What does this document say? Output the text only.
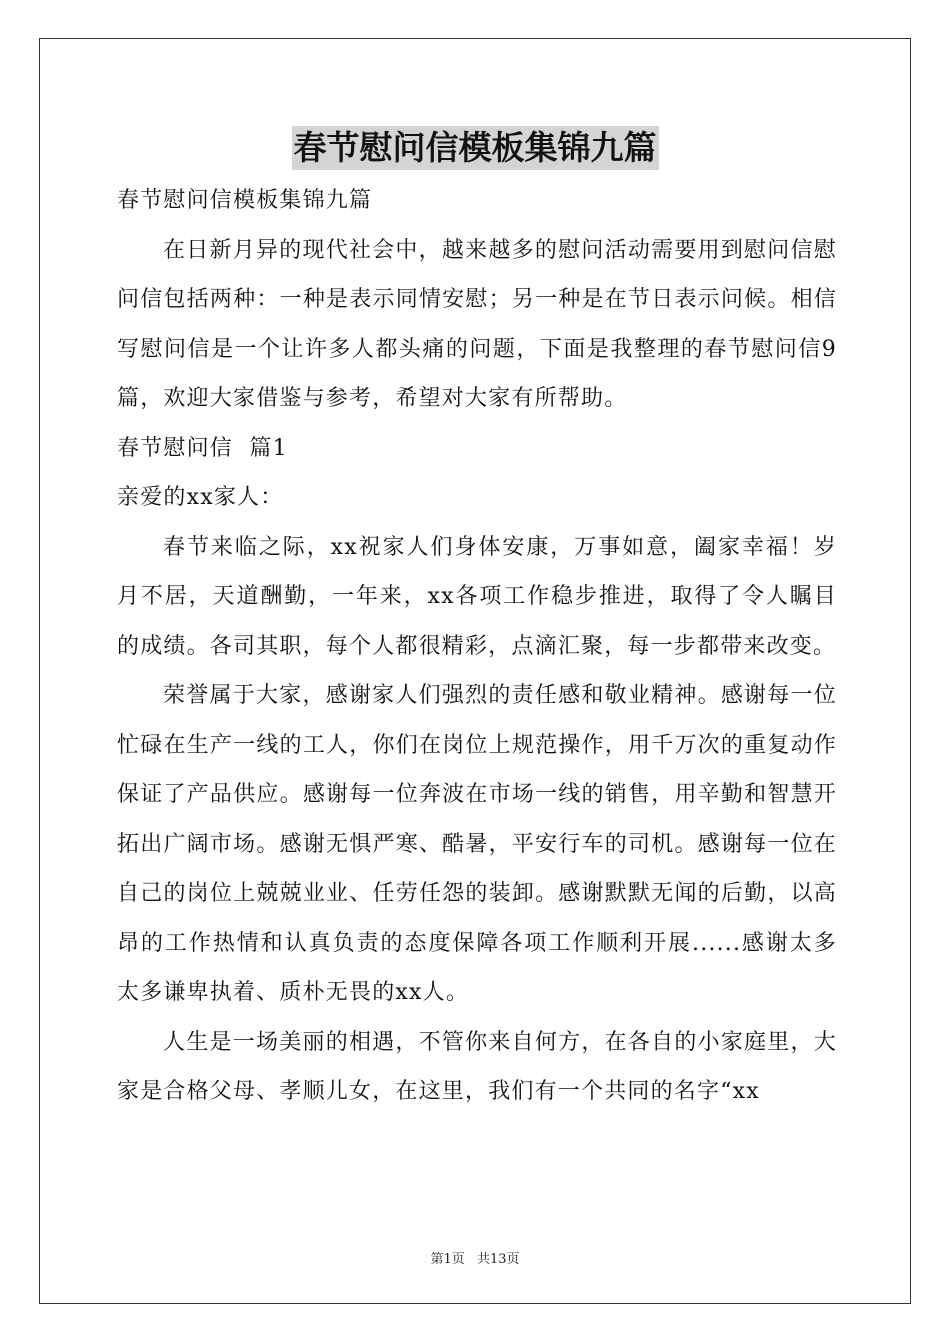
春节慰问信模板集锦九篇

春节慰问信模板集锦九篇

在日新月异的现代社会中，越来越多的慰问活动需要用到慰问信慰问信包括两种：一种是表示同情安慰；另一种是在节日表示问候。相信写慰问信是一个让许多人都头痛的问题，下面是我整理的春节慰问信9篇，欢迎大家借鉴与参考，希望对大家有所帮助。

春节慰问信  篇1

亲爱的xx家人：

春节来临之际，xx祝家人们身体安康，万事如意，阖家幸福！岁月不居，天道酬勤，一年来，xx各项工作稳步推进，取得了令人瞩目的成绩。各司其职，每个人都很精彩，点滴汇聚，每一步都带来改变。

荣誉属于大家，感谢家人们强烈的责任感和敬业精神。感谢每一位忙碌在生产一线的工人，你们在岗位上规范操作，用千万次的重复动作保证了产品供应。感谢每一位奔波在市场一线的销售，用辛勤和智慧开拓出广阔市场。感谢无惧严寒、酷暑，平安行车的司机。感谢每一位在自己的岗位上兢兢业业、任劳任怨的装卸。感谢默默无闻的后勤，以高昂的工作热情和认真负责的态度保障各项工作顺利开展......感谢太多太多谦卑执着、质朴无畏的xx人。

人生是一场美丽的相遇，不管你来自何方，在各自的小家庭里，大家是合格父母、孝顺儿女，在这里，我们有一个共同的名字“xx

第1页 共13页
